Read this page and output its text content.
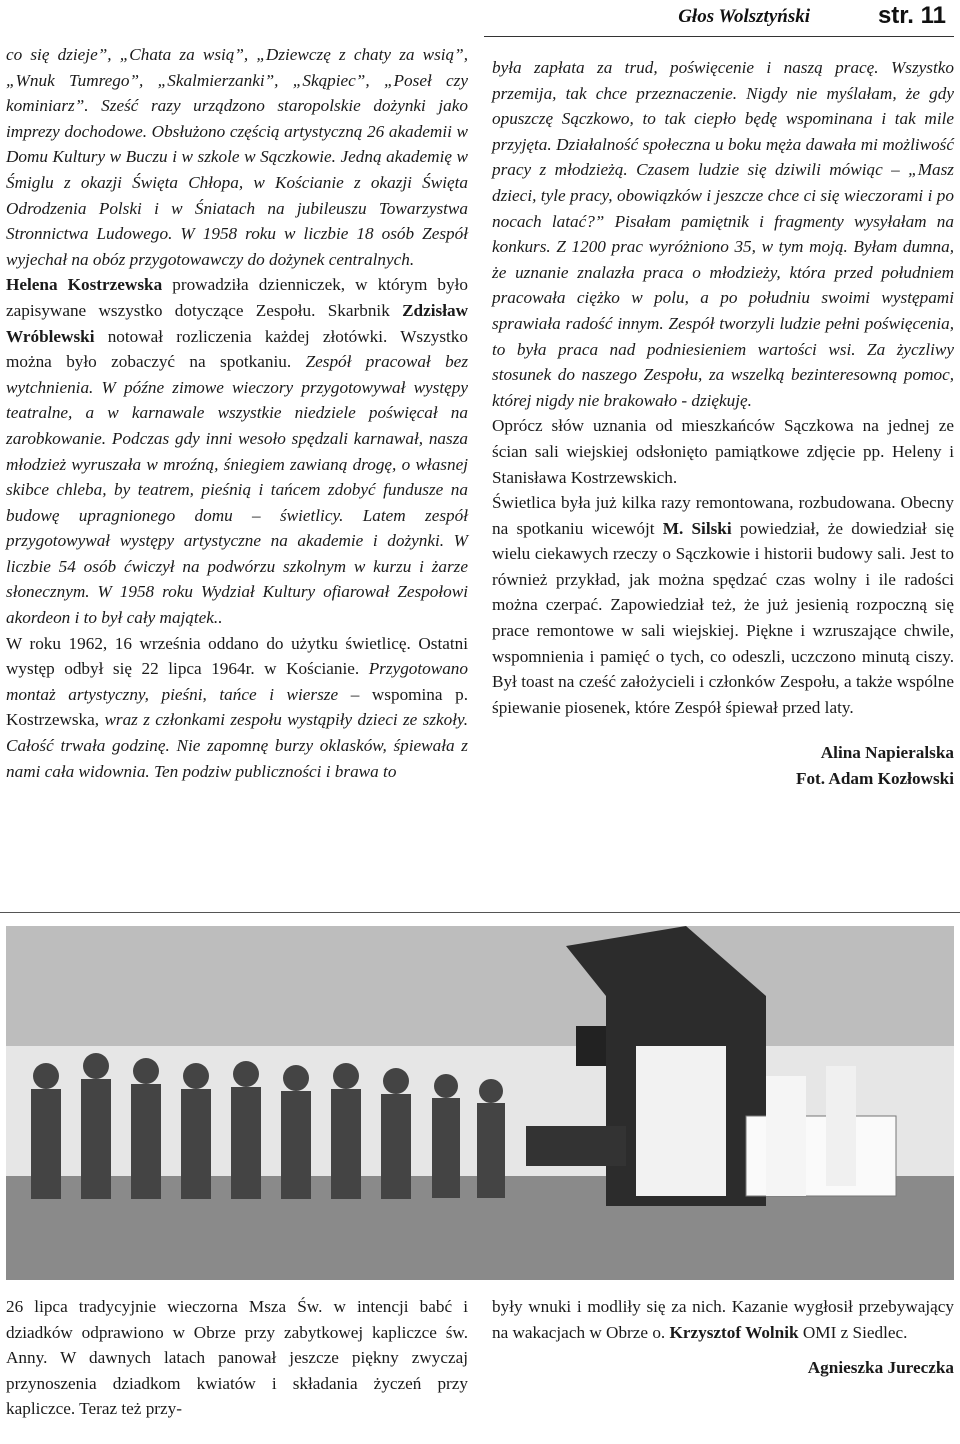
Głos Wolsztyński	str. 11

co się dzieje”, „Chata za wsią”, „Dziewczę z chaty za wsią”, „Wnuk Tumrego”, „Skalmierzanki”, „Skąpiec”, „Poseł czy kominiarz”. Sześć razy urządzono staropolskie dożynki jako imprezy dochodowe. Obsłużono częścią artystyczną 26 akademii w Domu Kultury w Buczu i w szkole w Sączkowie. Jedną akademię w Śmiglu z okazji Święta Chłopa, w Kościanie z okazji Święta Odrodzenia Polski i w Śniatach na jubileuszu Towarzystwa Stronnictwa Ludowego. W 1958 roku w liczbie 18 osób Zespół wyjechał na obóz przygotowawczy do dożynek centralnych.

Helena Kostrzewska prowadziła dzienniczek, w którym było zapisywane wszystko dotyczące Zespołu. Skarbnik Zdzisław Wróblewski notował rozliczenia każdej złotówki. Wszystko można było zobaczyć na spotkaniu. Zespół pracował bez wytchnienia. W późne zimowe wieczory przygotowywał występy teatralne, a w karnawale wszystkie niedziele poświęcał na zarobkowanie. Podczas gdy inni wesoło spędzali karnawał, nasza młodzież wyruszała w mroźną, śniegiem zawianą drogę, o własnej skibce chleba, by teatrem, pieśnią i tańcem zdobyć fundusze na budowę upragnionego domu – świetlicy. Latem zespół przygotowywał występy artystyczne na akademie i dożynki. W liczbie 54 osób ćwiczył na podwórzu szkolnym w kurzu i żarze słonecznym. W 1958 roku Wydział Kultury ofiarował Zespołowi akordeon i to był cały majątek..

W roku 1962, 16 września oddano do użytku świetlicę. Ostatni występ odbył się 22 lipca 1964r. w Kościanie. Przygotowano montaż artystyczny, pieśni, tańce i wiersze – wspomina p. Kostrzewska, wraz z członkami zespołu wystąpiły dzieci ze szkoły. Całość trwała godzinę. Nie zapomnę burzy oklasków, śpiewała z nami cała widownia. Ten podziw publiczności i brawa to

była zapłata za trud, poświęcenie i naszą pracę. Wszystko przemija, tak chce przeznaczenie. Nigdy nie myślałam, że gdy opuszczę Sączkowo, to tak ciepło będę wspominana i tak mile przyjęta. Działalność społeczna u boku męża dawała mi możliwość pracy z młodzieżą. Czasem ludzie się dziwili mówiąc – „Masz dzieci, tyle pracy, obowiązków i jeszcze chce ci się wieczorami i po nocach latać?” Pisałam pamiętnik i fragmenty wysyłałam na konkurs. Z 1200 prac wyróżniono 35, w tym moją. Byłam dumna, że uznanie znalazła praca o młodzieży, która przed południem pracowała ciężko w polu, a po południu swoimi występami sprawiała radość innym. Zespół tworzyli ludzie pełni poświęcenia, to była praca nad podniesieniem wartości wsi. Za życzliwy stosunek do naszego Zespołu, za wszelką bezinteresowną pomoc, której nigdy nie brakowało - dziękuję.

Oprócz słów uznania od mieszkańców Sączkowa na jednej ze ścian sali wiejskiej odsłonięto pamiątkowe zdjęcie pp. Heleny i Stanisława Kostrzewskich.

Świetlica była już kilka razy remontowana, rozbudowana. Obecny na spotkaniu wicewójt M. Silski powiedział, że dowiedział się wielu ciekawych rzeczy o Sączkowie i historii budowy sali. Jest to również przykład, jak można spędzać czas wolny i ile radości można czerpać. Zapowiedział też, że już jesienią rozpoczną się prace remontowe w sali wiejskiej. Piękne i wzruszające chwile, wspomnienia i pamięć o tych, co odeszli, uczczono minutą ciszy. Był toast na cześć założycieli i członków Zespołu, a także wspólne śpiewanie piosenek, które Zespół śpiewał przed laty.

Alina Napieralska

Fot. Adam Kozłowski

26 lipca tradycyjnie wieczorna Msza Św. w intencji babć i dziadków odprawiono w Obrze przy zabytkowej kapliczce św. Anny. W dawnych latach panował jeszcze piękny zwyczaj przynoszenia dziadkom kwiatów i składania życzeń przy kapliczce. Teraz też przy-

były wnuki i modliły się za nich. Kazanie wygłosił przebywający na wakacjach w Obrze o. Krzysztof Wolnik OMI z Siedlec.

Agnieszka Jureczka
